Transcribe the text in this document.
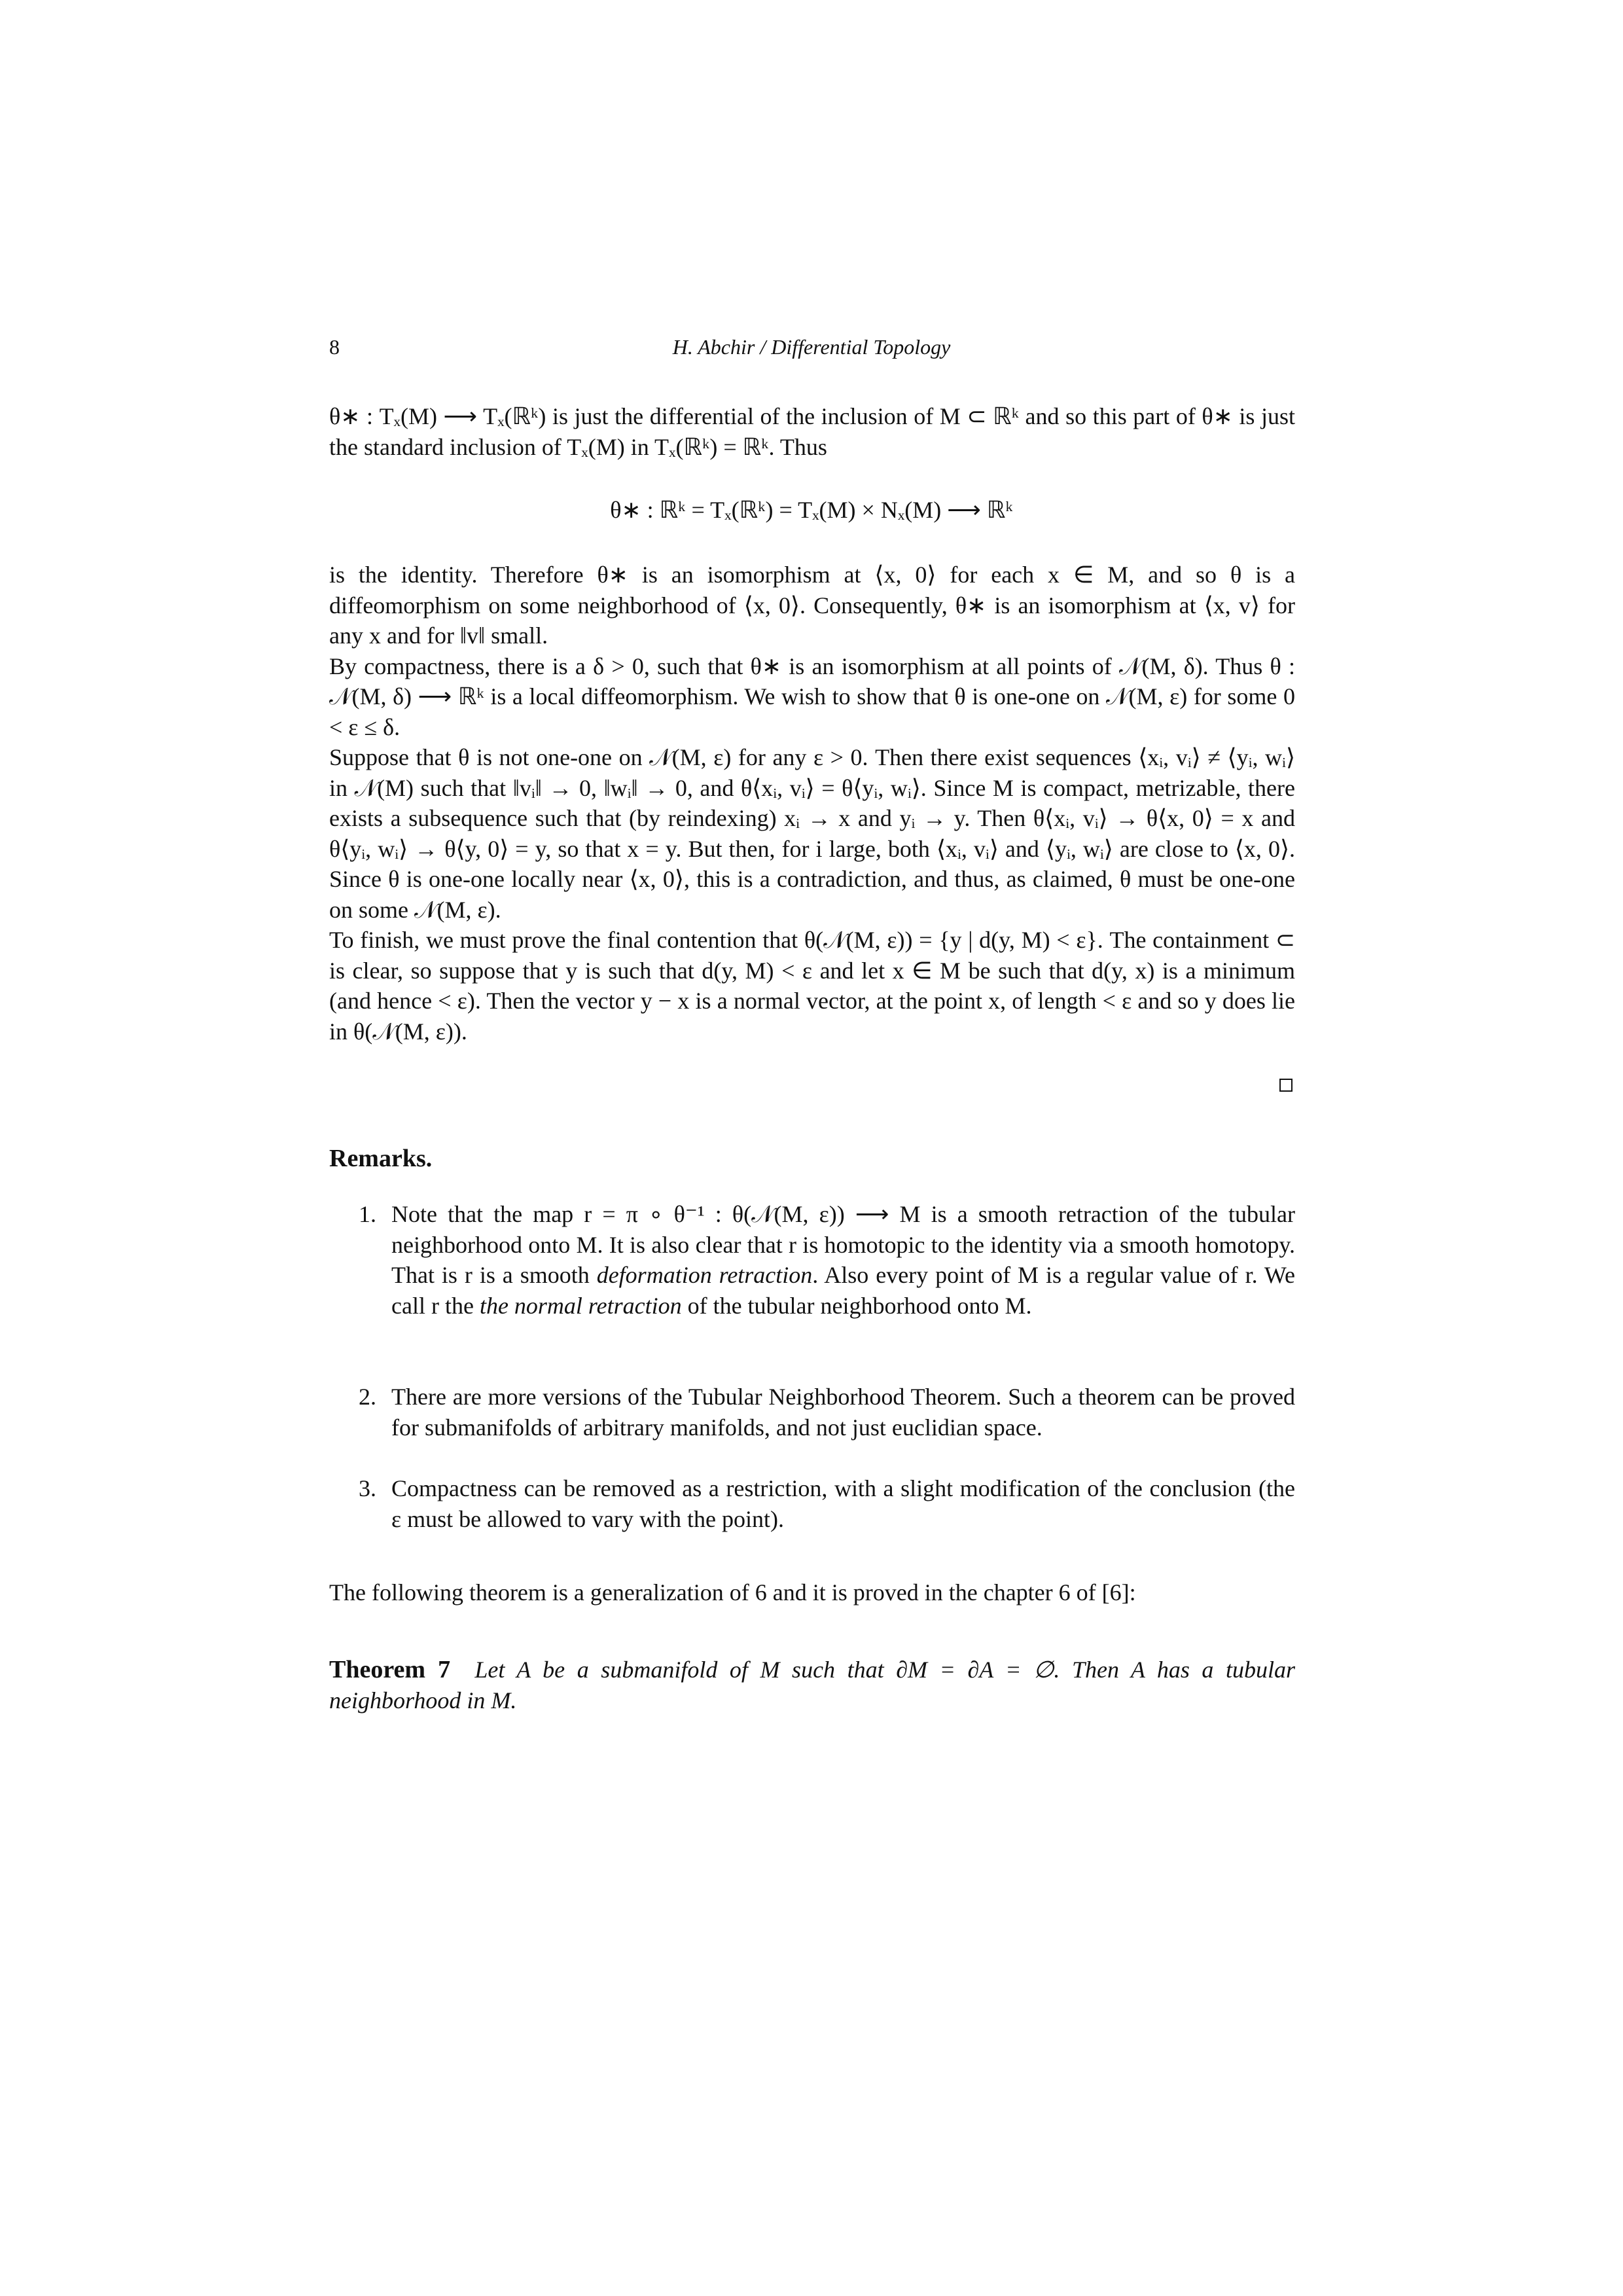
8	H. Abchir / Differential Topology

θ∗ : Tₓ(M) ⟶ Tₓ(ℝᵏ) is just the differential of the inclusion of M ⊂ ℝᵏ and so this part of θ∗ is just the standard inclusion of Tₓ(M) in Tₓ(ℝᵏ) = ℝᵏ. Thus

θ∗ : ℝᵏ = Tₓ(ℝᵏ) = Tₓ(M) × Nₓ(M) ⟶ ℝᵏ

is the identity. Therefore θ∗ is an isomorphism at ⟨x, 0⟩ for each x ∈ M, and so θ is a diffeomorphism on some neighborhood of ⟨x, 0⟩. Consequently, θ∗ is an isomorphism at ⟨x, v⟩ for any x and for ‖v‖ small.

By compactness, there is a δ > 0, such that θ∗ is an isomorphism at all points of 𝒩(M, δ). Thus θ : 𝒩(M, δ) ⟶ ℝᵏ is a local diffeomorphism. We wish to show that θ is one-one on 𝒩(M, ε) for some 0 < ε ≤ δ.

Suppose that θ is not one-one on 𝒩(M, ε) for any ε > 0. Then there exist sequences ⟨xᵢ, vᵢ⟩ ≠ ⟨yᵢ, wᵢ⟩ in 𝒩(M) such that ‖vᵢ‖ → 0, ‖wᵢ‖ → 0, and θ⟨xᵢ, vᵢ⟩ = θ⟨yᵢ, wᵢ⟩. Since M is compact, metrizable, there exists a subsequence such that (by reindexing) xᵢ → x and yᵢ → y. Then θ⟨xᵢ, vᵢ⟩ → θ⟨x, 0⟩ = x and θ⟨yᵢ, wᵢ⟩ → θ⟨y, 0⟩ = y, so that x = y. But then, for i large, both ⟨xᵢ, vᵢ⟩ and ⟨yᵢ, wᵢ⟩ are close to ⟨x, 0⟩. Since θ is one-one locally near ⟨x, 0⟩, this is a contradiction, and thus, as claimed, θ must be one-one on some 𝒩(M, ε).

To finish, we must prove the final contention that θ(𝒩(M, ε)) = {y | d(y, M) < ε}. The containment ⊂ is clear, so suppose that y is such that d(y, M) < ε and let x ∈ M be such that d(y, x) is a minimum (and hence < ε). Then the vector y − x is a normal vector, at the point x, of length < ε and so y does lie in θ(𝒩(M, ε)).

Remarks.
1. Note that the map r = π ∘ θ⁻¹ : θ(𝒩(M, ε)) ⟶ M is a smooth retraction of the tubular neighborhood onto M. It is also clear that r is homotopic to the identity via a smooth homotopy. That is r is a smooth deformation retraction. Also every point of M is a regular value of r. We call r the the normal retraction of the tubular neighborhood onto M.
2. There are more versions of the Tubular Neighborhood Theorem. Such a theorem can be proved for submanifolds of arbitrary manifolds, and not just euclidian space.
3. Compactness can be removed as a restriction, with a slight modification of the conclusion (the ε must be allowed to vary with the point).
The following theorem is a generalization of 6 and it is proved in the chapter 6 of [6]:
Theorem 7 Let A be a submanifold of M such that ∂M = ∂A = ∅. Then A has a tubular neighborhood in M.
